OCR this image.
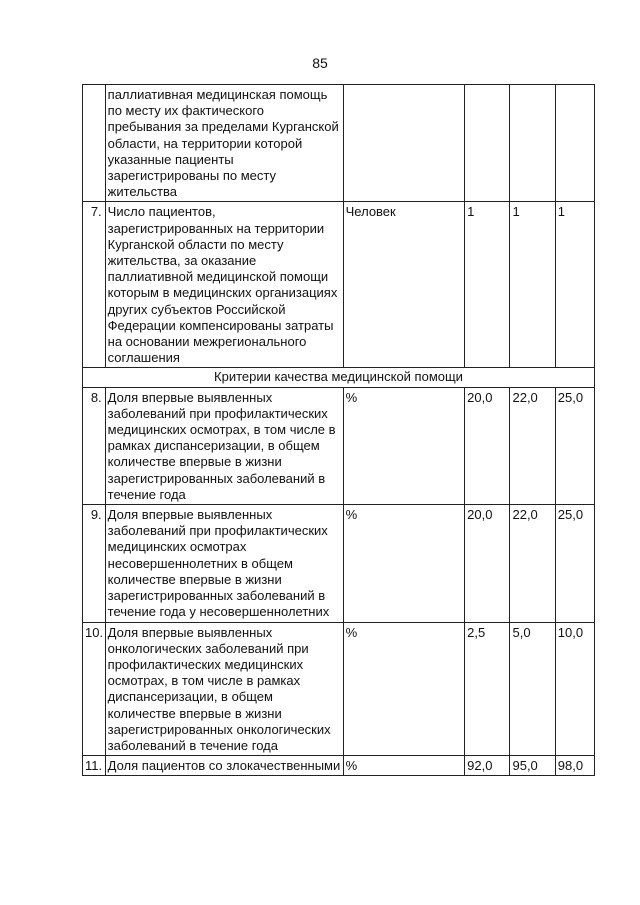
85
	паллиативная медицинская помощь по месту их фактического пребывания за пределами Курганской области, на территории которой указанные пациенты зарегистрированы по месту жительства				
7.	Число пациентов, зарегистрированных на территории Курганской области по месту жительства, за оказание паллиативной медицинской помощи которым в медицинских организациях других субъектов Российской Федерации компенсированы затраты на основании межрегионального соглашения	Человек	1	1	1
Критерии качества медицинской помощи					
8.	Доля впервые выявленных заболеваний при профилактических медицинских осмотрах, в том числе в рамках диспансеризации, в общем количестве впервые в жизни зарегистрированных заболеваний в течение года	%	20,0	22,0	25,0
9.	Доля впервые выявленных заболеваний при профилактических медицинских осмотрах несовершеннолетних в общем количестве впервые в жизни зарегистрированных заболеваний в течение года у несовершеннолетних	%	20,0	22,0	25,0
10.	Доля впервые выявленных онкологических заболеваний при профилактических медицинских осмотрах, в том числе в рамках диспансеризации, в общем количестве впервые в жизни зарегистрированных онкологических заболеваний в течение года	%	2,5	5,0	10,0
11.	Доля пациентов со злокачественными	%	92,0	95,0	98,0
